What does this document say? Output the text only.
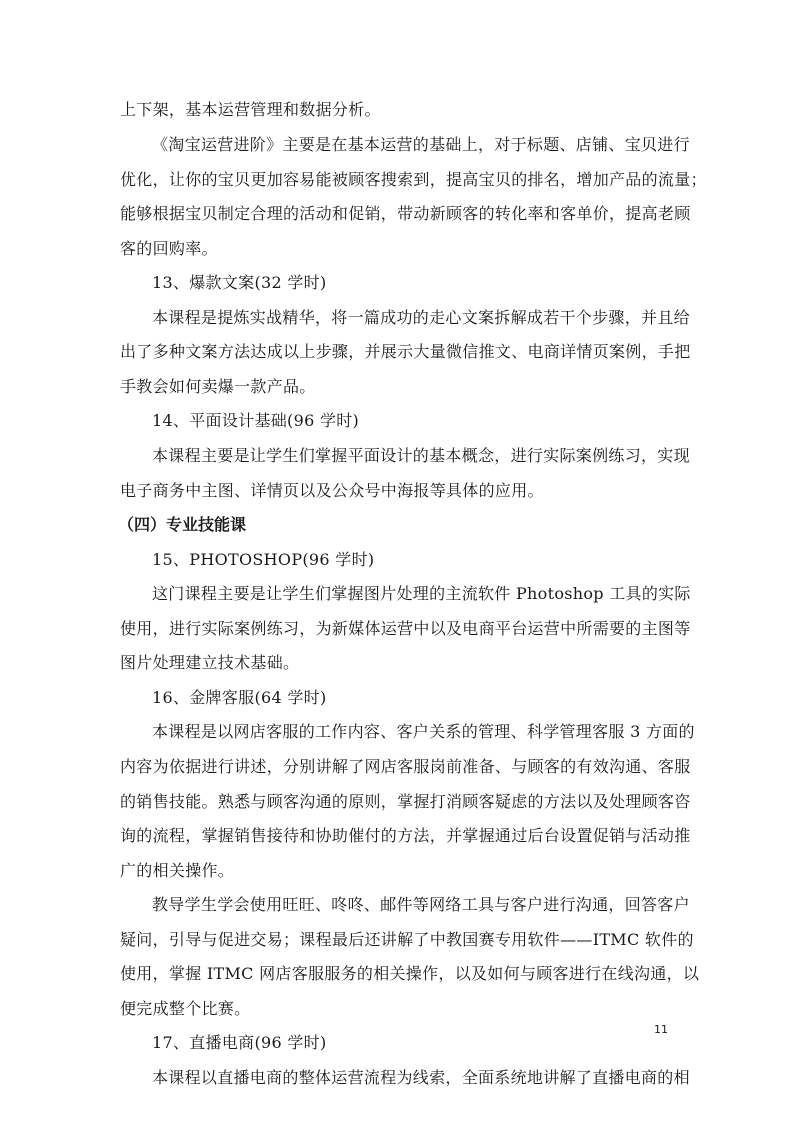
上下架，基本运营管理和数据分析。
《淘宝运营进阶》主要是在基本运营的基础上，对于标题、店铺、宝贝进行
优化，让你的宝贝更加容易能被顾客搜索到，提高宝贝的排名，增加产品的流量；
能够根据宝贝制定合理的活动和促销，带动新顾客的转化率和客单价，提高老顾
客的回购率。
13、爆款文案(32 学时)
本课程是提炼实战精华，将一篇成功的走心文案拆解成若干个步骤，并且给
出了多种文案方法达成以上步骤，并展示大量微信推文、电商详情页案例，手把
手教会如何卖爆一款产品。
14、平面设计基础(96 学时)
本课程主要是让学生们掌握平面设计的基本概念，进行实际案例练习，实现
电子商务中主图、详情页以及公众号中海报等具体的应用。
（四）专业技能课
15、PHOTOSHOP(96 学时)
这门课程主要是让学生们掌握图片处理的主流软件 Photoshop 工具的实际
使用，进行实际案例练习，为新媒体运营中以及电商平台运营中所需要的主图等
图片处理建立技术基础。
16、金牌客服(64 学时)
本课程是以网店客服的工作内容、客户关系的管理、科学管理客服 3 方面的
内容为依据进行讲述，分别讲解了网店客服岗前准备、与顾客的有效沟通、客服
的销售技能。熟悉与顾客沟通的原则，掌握打消顾客疑虑的方法以及处理顾客咨
询的流程，掌握销售接待和协助催付的方法，并掌握通过后台设置促销与活动推
广的相关操作。
教导学生学会使用旺旺、咚咚、邮件等网络工具与客户进行沟通，回答客户
疑问，引导与促进交易；课程最后还讲解了中教国赛专用软件——ITMC 软件的
使用，掌握 ITMC 网店客服服务的相关操作，以及如何与顾客进行在线沟通，以
便完成整个比赛。
17、直播电商(96 学时)
本课程以直播电商的整体运营流程为线索，全面系统地讲解了直播电商的相
11
